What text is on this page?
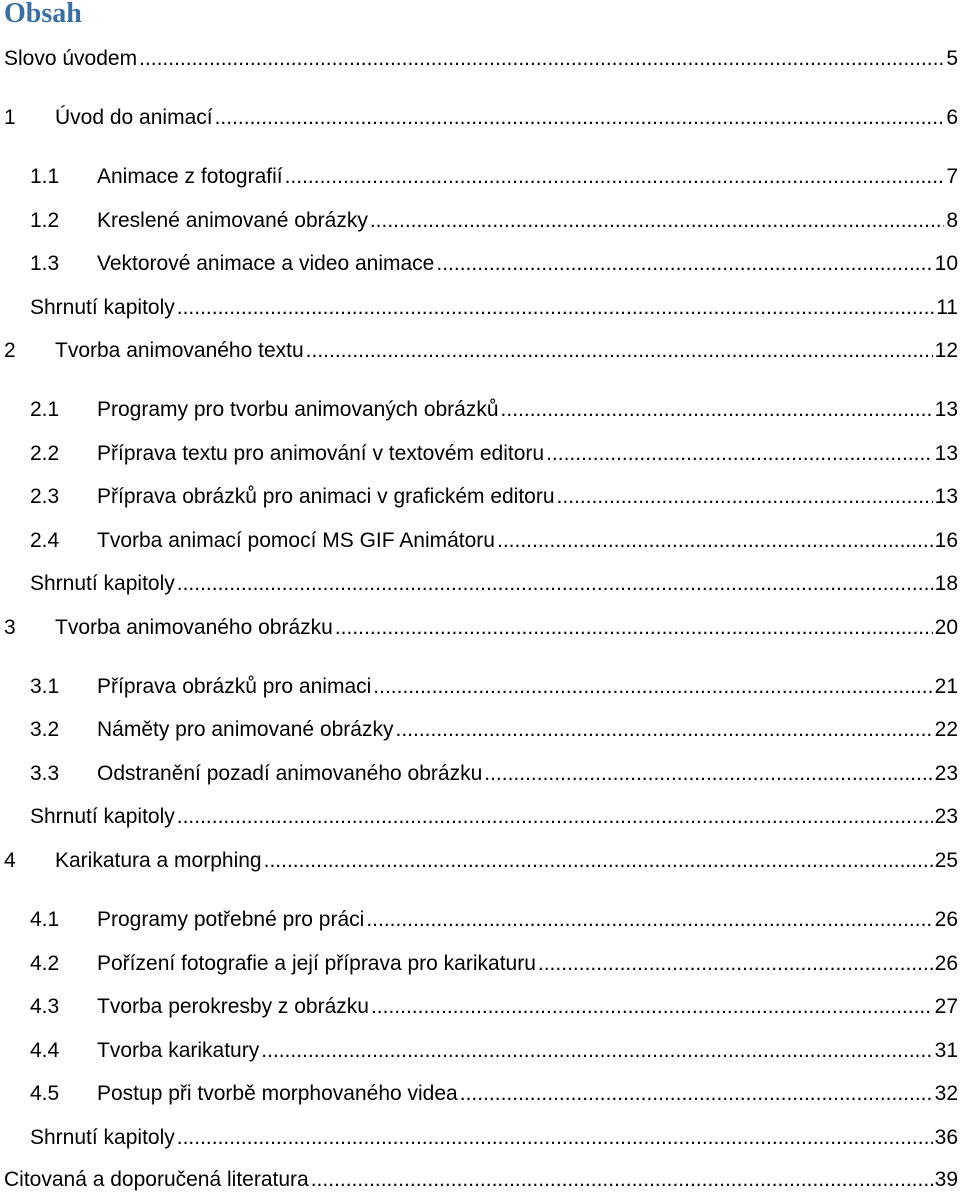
Obsah
Slovo úvodem .....	5
1	Úvod do animací .....	6
1.1	Animace z fotografií .....	7
1.2	Kreslené animované obrázky .....	8
1.3	Vektorové animace a video animace .....	10
Shrnutí kapitoly .....	11
2	Tvorba animovaného textu .....	12
2.1	Programy pro tvorbu animovaných obrázků .....	13
2.2	Příprava textu pro animování v textovém editoru .....	13
2.3	Příprava obrázků pro animaci v grafickém editoru .....	13
2.4	Tvorba animací pomocí MS GIF Animátoru .....	16
Shrnutí kapitoly .....	18
3	Tvorba animovaného obrázku .....	20
3.1	Příprava obrázků pro animaci .....	21
3.2	Náměty pro animované obrázky .....	22
3.3	Odstranění pozadí animovaného obrázku .....	23
Shrnutí kapitoly .....	23
4	Karikatura a morphing .....	25
4.1	Programy potřebné pro práci .....	26
4.2	Pořízení fotografie a její příprava pro karikaturu .....	26
4.3	Tvorba perokresby z obrázku .....	27
4.4	Tvorba karikatury .....	31
4.5	Postup při tvorbě morphovaného videa .....	32
Shrnutí kapitoly .....	36
Citovaná a doporučená literatura .....	39
